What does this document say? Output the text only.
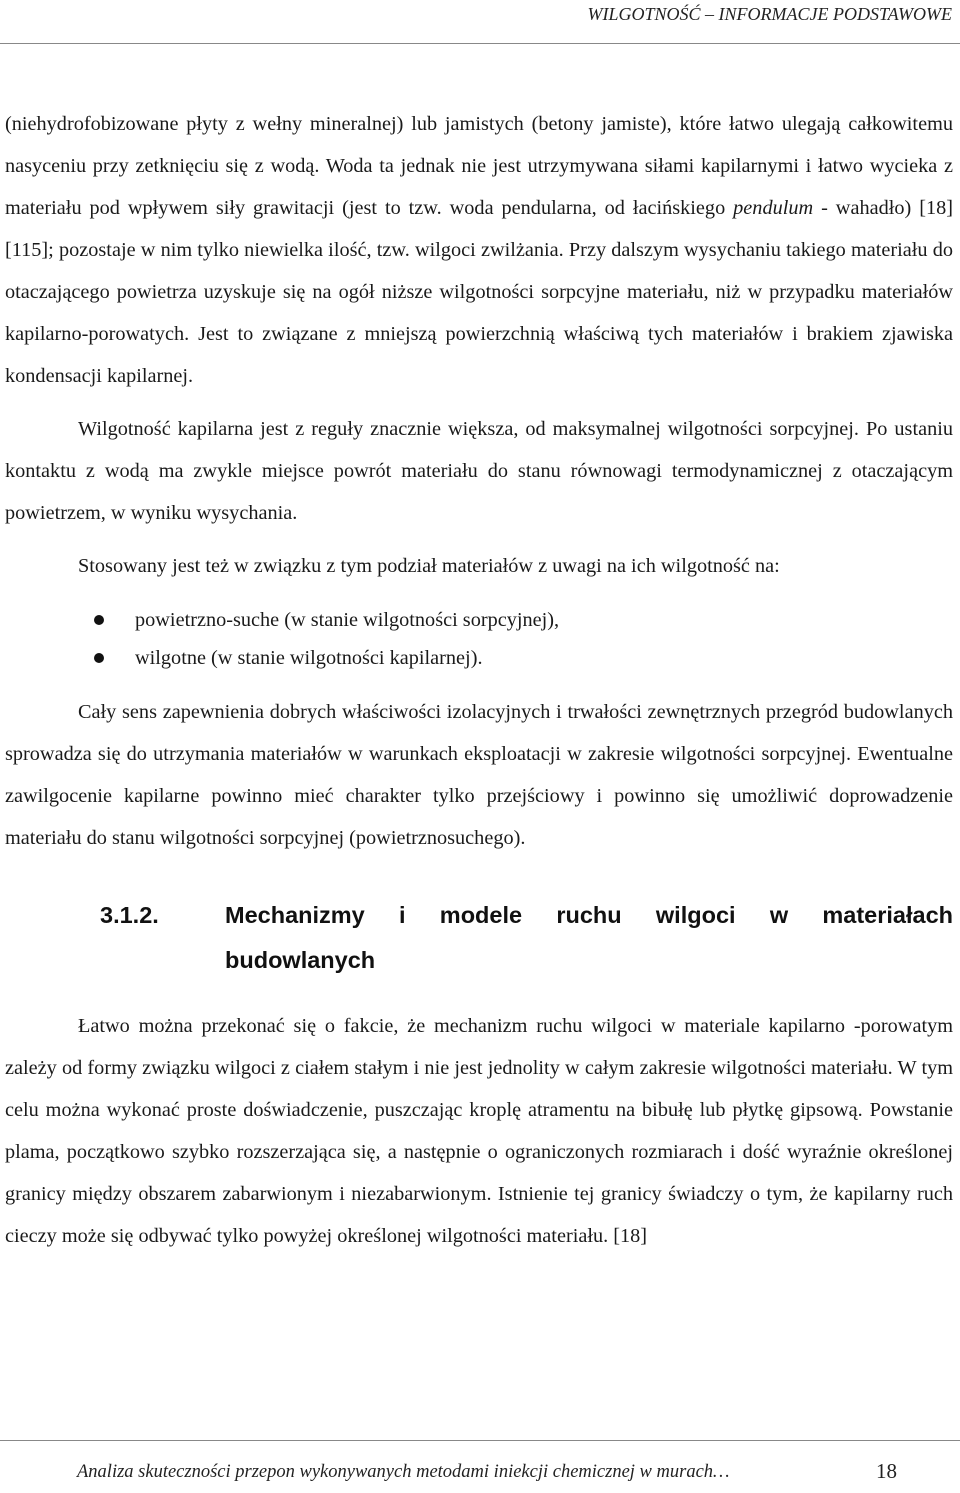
WILGOTNOŚĆ – INFORMACJE PODSTAWOWE

(niehydrofobizowane płyty z wełny mineralnej) lub jamistych (betony jamiste), które łatwo ulegają całkowitemu nasyceniu przy zetknięciu się z wodą. Woda ta jednak nie jest utrzymywana siłami kapilarnymi i łatwo wycieka z materiału pod wpływem siły grawitacji (jest to tzw. woda pendularna, od łacińskiego pendulum - wahadło) [18][115]; pozostaje w nim tylko niewielka ilość, tzw. wilgoci zwilżania. Przy dalszym wysychaniu takiego materiału do otaczającego powietrza uzyskuje się na ogół niższe wilgotności sorpcyjne materiału, niż w przypadku materiałów kapilarno-porowatych. Jest to związane z mniejszą powierzchnią właściwą tych materiałów i brakiem zjawiska kondensacji kapilarnej.

Wilgotność kapilarna jest z reguły znacznie większa, od maksymalnej wilgotności sorpcyjnej. Po ustaniu kontaktu z wodą ma zwykle miejsce powrót materiału do stanu równowagi termodynamicznej z otaczającym powietrzem, w wyniku wysychania.

Stosowany jest też w związku z tym podział materiałów z uwagi na ich wilgotność na:

powietrzno-suche (w stanie wilgotności sorpcyjnej),
wilgotne (w stanie wilgotności kapilarnej).

Cały sens zapewnienia dobrych właściwości izolacyjnych i trwałości zewnętrznych przegród budowlanych sprowadza się do utrzymania materiałów w warunkach eksploatacji w zakresie wilgotności sorpcyjnej. Ewentualne zawilgocenie kapilarne powinno mieć charakter tylko przejściowy i powinno się umożliwić doprowadzenie materiału do stanu wilgotności sorpcyjnej (powietrznosuchego).

3.1.2.	Mechanizmy i modele ruchu wilgoci w materiałach
budowlanych

Łatwo można przekonać się o fakcie, że mechanizm ruchu wilgoci w materiale kapilarno -porowatym zależy od formy związku wilgoci z ciałem stałym i nie jest jednolity w całym zakresie wilgotności materiału. W tym celu można wykonać proste doświadczenie, puszczając kroplę atramentu na bibułę lub płytkę gipsową. Powstanie plama, początkowo szybko rozszerzająca się, a następnie o ograniczonych rozmiarach i dość wyraźnie określonej granicy między obszarem zabarwionym i niezabarwionym. Istnienie tej granicy świadczy o tym, że kapilarny ruch cieczy może się odbywać tylko powyżej określonej wilgotności materiału. [18]

Analiza skuteczności przepon wykonywanych metodami iniekcji chemicznej w murach…	18
